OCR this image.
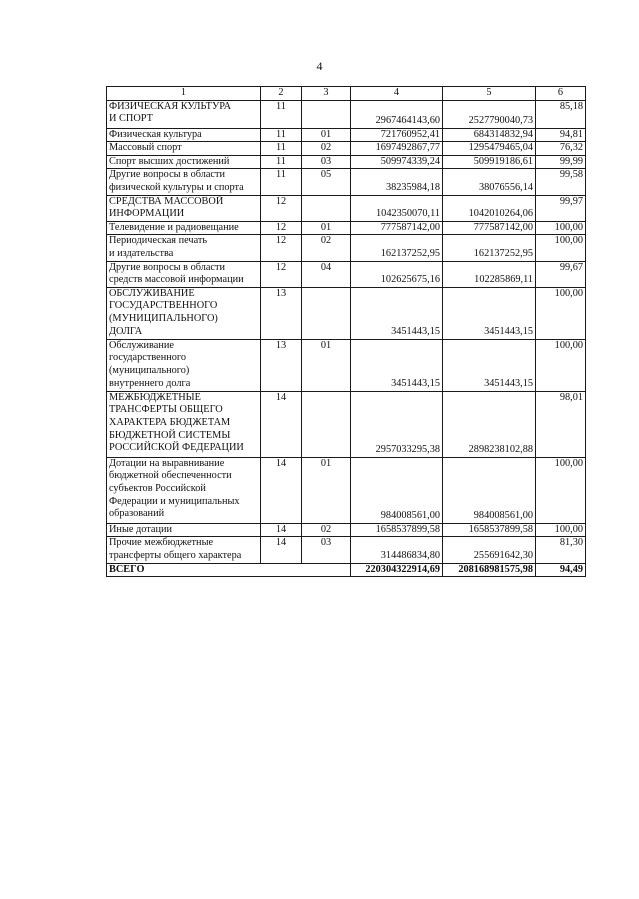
4
1	2	3	4	5	6
ФИЗИЧЕСКАЯ КУЛЬТУРА
И СПОРТ	11		2967464143,60	2527790040,73	85,18
Физическая культура	11	01	721760952,41	684314832,94	94,81
Массовый спорт	11	02	1697492867,77	1295479465,04	76,32
Спорт высших достижений	11	03	509974339,24	509919186,61	99,99
Другие вопросы в области
физической культуры и спорта	11	05	38235984,18	38076556,14	99,58
СРЕДСТВА МАССОВОЙ
ИНФОРМАЦИИ	12		1042350070,11	1042010264,06	99,97
Телевидение и радиовещание	12	01	777587142,00	777587142,00	100,00
Периодическая печать
и издательства	12	02	162137252,95	162137252,95	100,00
Другие вопросы в области
средств массовой информации	12	04	102625675,16	102285869,11	99,67
ОБСЛУЖИВАНИЕ
ГОСУДАРСТВЕННОГО
(МУНИЦИПАЛЬНОГО)
ДОЛГА	13		3451443,15	3451443,15	100,00
Обслуживание
государственного
(муниципального)
внутреннего долга	13	01	3451443,15	3451443,15	100,00
МЕЖБЮДЖЕТНЫЕ
ТРАНСФЕРТЫ ОБЩЕГО
ХАРАКТЕРА БЮДЖЕТАМ
БЮДЖЕТНОЙ СИСТЕМЫ
РОССИЙСКОЙ ФЕДЕРАЦИИ	14		2957033295,38	2898238102,88	98,01
Дотации на выравнивание
бюджетной обеспеченности
субъектов Российской
Федерации и муниципальных
образований	14	01	984008561,00	984008561,00	100,00
Иные дотации	14	02	1658537899,58	1658537899,58	100,00
Прочие межбюджетные
трансферты общего характера	14	03	314486834,80	255691642,30	81,30
ВСЕГО			220304322914,69	208168981575,98	94,49
